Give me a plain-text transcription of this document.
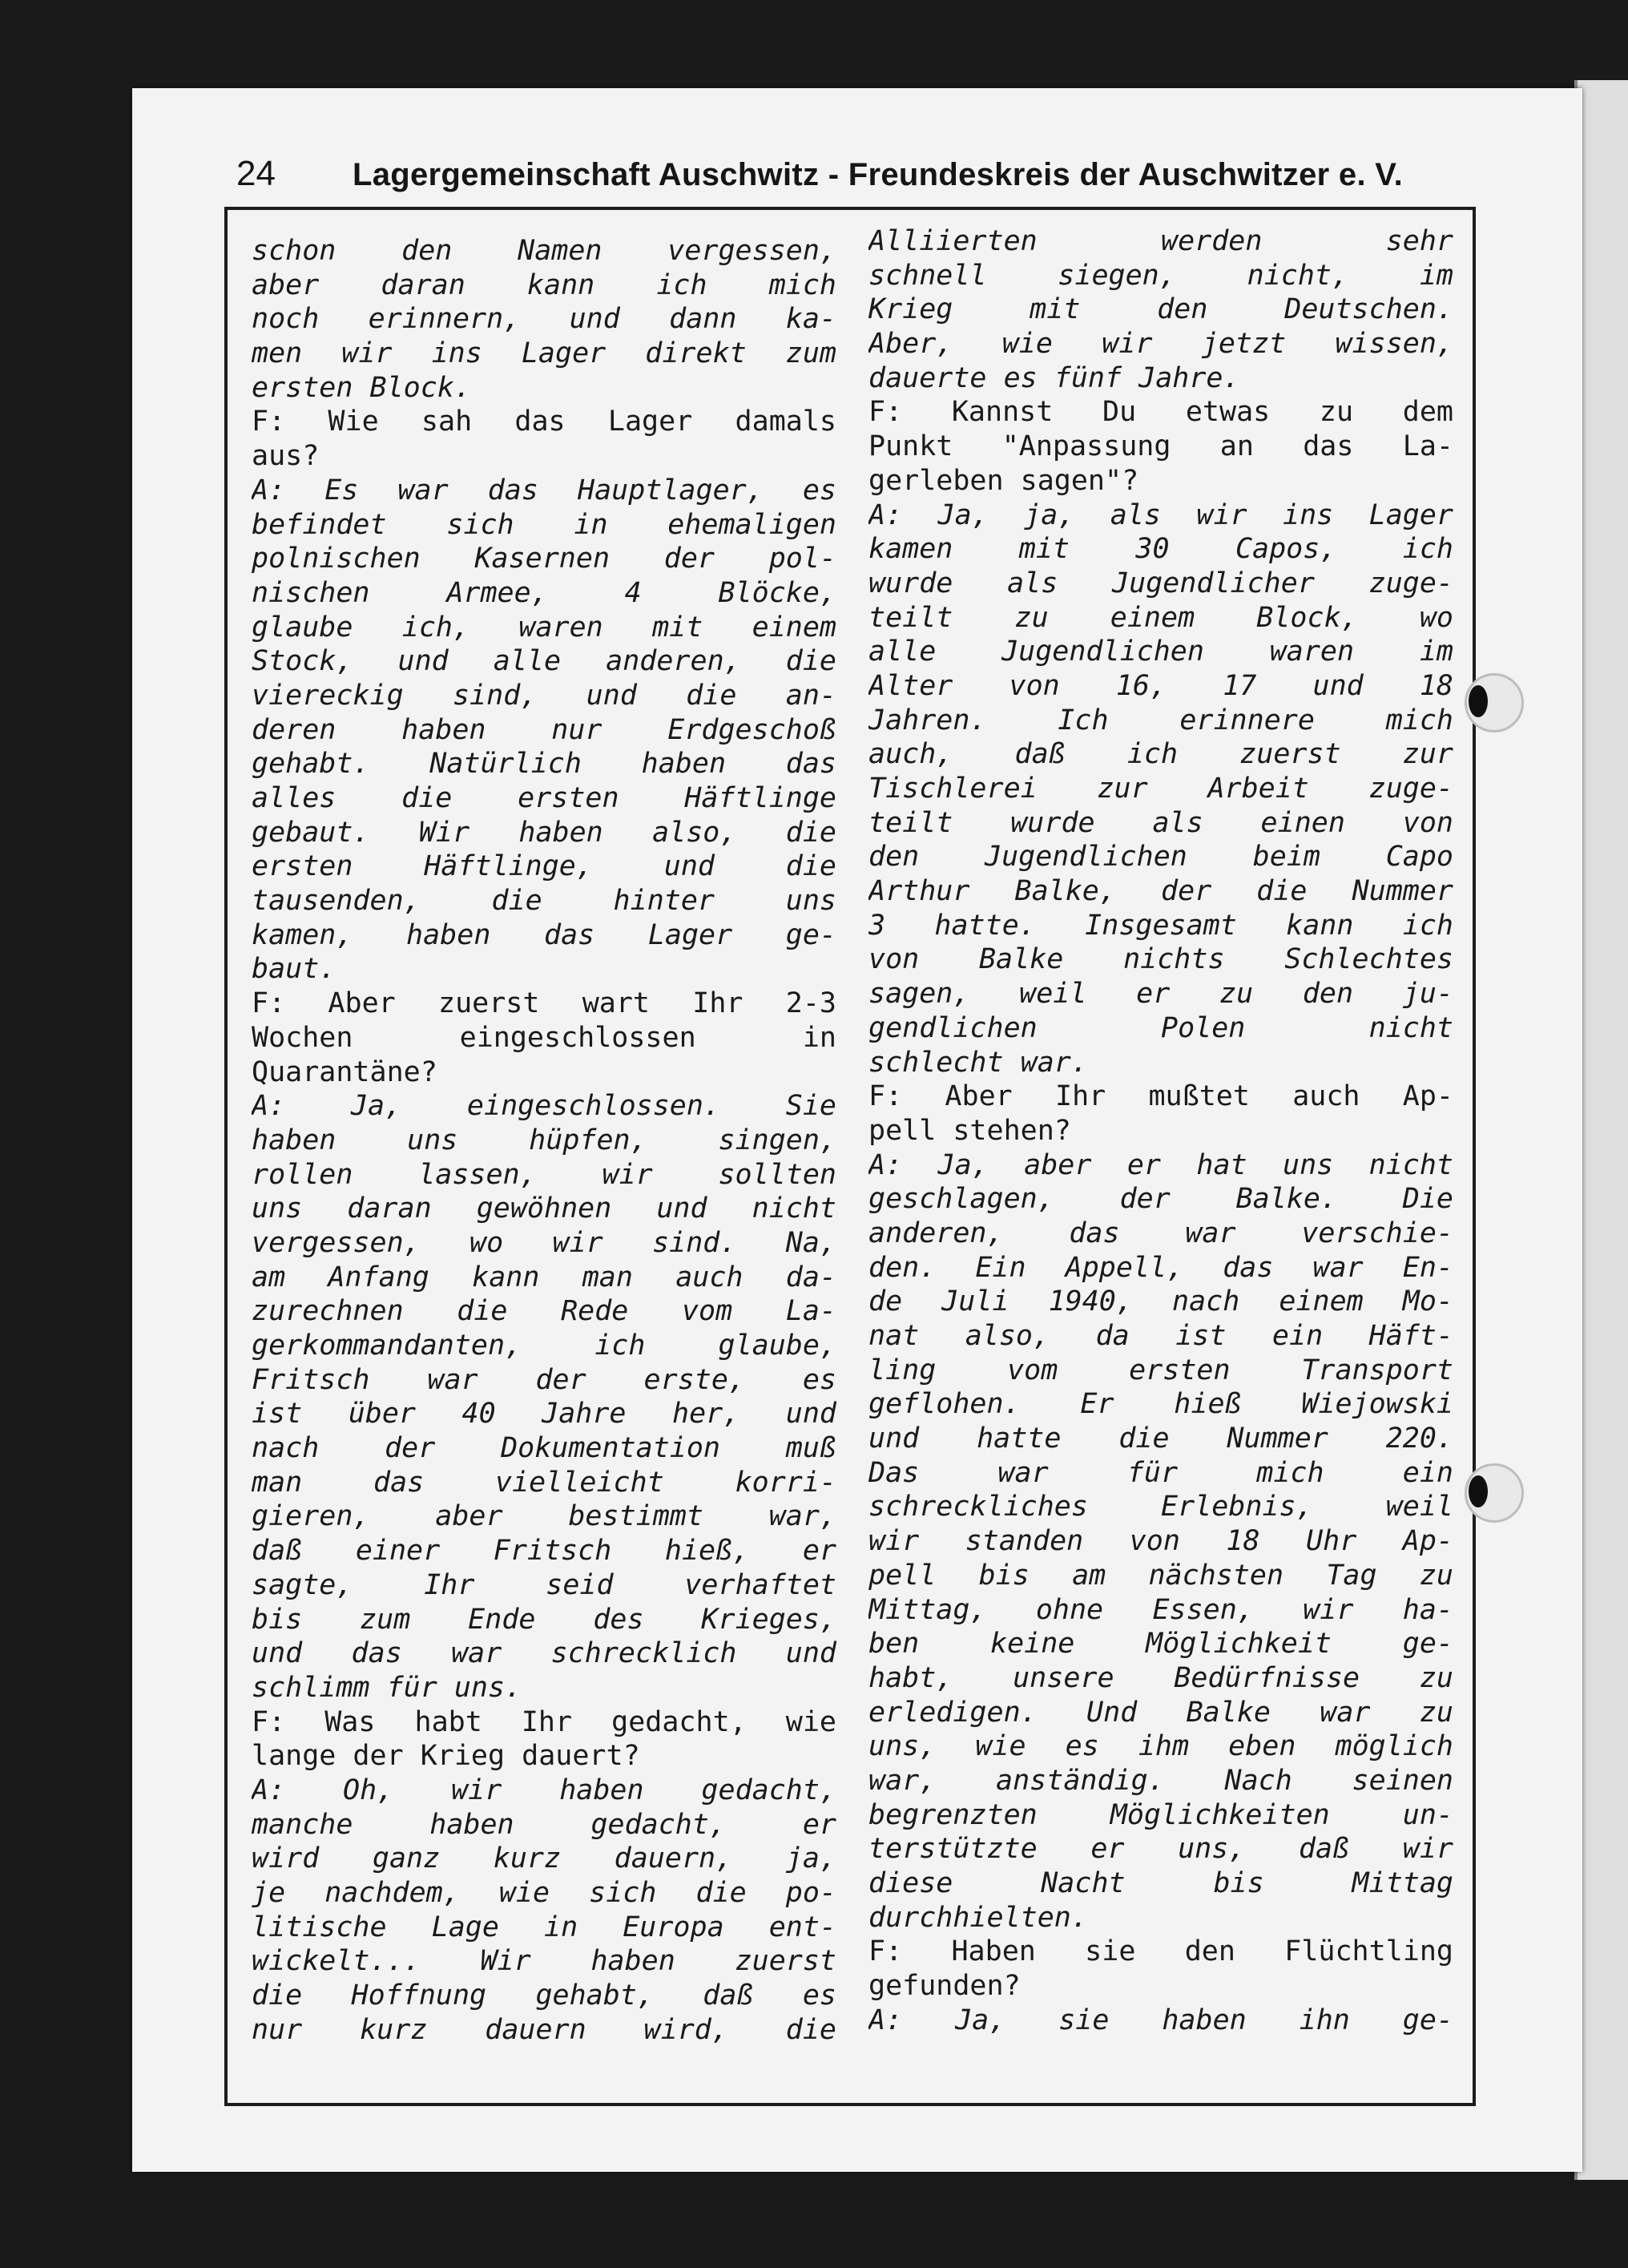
24 Lagergemeinschaft Auschwitz - Freundeskreis der Auschwitzer e. V.
schon den Namen vergessen,
aber daran kann ich mich
noch erinnern, und dann ka-
men wir ins Lager direkt zum
ersten Block.
F: Wie sah das Lager damals
aus?
A: Es war das Hauptlager, es
befindet sich in ehemaligen
polnischen Kasernen der pol-
nischen Armee, 4 Blöcke,
glaube ich, waren mit einem
Stock, und alle anderen, die
viereckig sind, und die an-
deren haben nur Erdgeschoß
gehabt. Natürlich haben das
alles die ersten Häftlinge
gebaut. Wir haben also, die
ersten Häftlinge, und die
tausenden, die hinter uns
kamen, haben das Lager ge-
baut.
F: Aber zuerst wart Ihr 2-3
Wochen eingeschlossen in
Quarantäne?
A: Ja, eingeschlossen. Sie
haben uns hüpfen, singen,
rollen lassen, wir sollten
uns daran gewöhnen und nicht
vergessen, wo wir sind. Na,
am Anfang kann man auch da-
zurechnen die Rede vom La-
gerkommandanten, ich glaube,
Fritsch war der erste, es
ist über 40 Jahre her, und
nach der Dokumentation muß
man das vielleicht korri-
gieren, aber bestimmt war,
daß einer Fritsch hieß, er
sagte, Ihr seid verhaftet
bis zum Ende des Krieges,
und das war schrecklich und
schlimm für uns.
F: Was habt Ihr gedacht, wie
lange der Krieg dauert?
A: Oh, wir haben gedacht,
manche haben gedacht, er
wird ganz kurz dauern, ja,
je nachdem, wie sich die po-
litische Lage in Europa ent-
wickelt... Wir haben zuerst
die Hoffnung gehabt, daß es
nur kurz dauern wird, die
Alliierten werden sehr
schnell siegen, nicht, im
Krieg mit den Deutschen.
Aber, wie wir jetzt wissen,
dauerte es fünf Jahre.
F: Kannst Du etwas zu dem
Punkt "Anpassung an das La-
gerleben sagen"?
A: Ja, ja, als wir ins Lager
kamen mit 30 Capos, ich
wurde als Jugendlicher zuge-
teilt zu einem Block, wo
alle Jugendlichen waren im
Alter von 16, 17 und 18
Jahren. Ich erinnere mich
auch, daß ich zuerst zur
Tischlerei zur Arbeit zuge-
teilt wurde als einen von
den Jugendlichen beim Capo
Arthur Balke, der die Nummer
3 hatte. Insgesamt kann ich
von Balke nichts Schlechtes
sagen, weil er zu den ju-
gendlichen Polen nicht
schlecht war.
F: Aber Ihr mußtet auch Ap-
pell stehen?
A: Ja, aber er hat uns nicht
geschlagen, der Balke. Die
anderen, das war verschie-
den. Ein Appell, das war En-
de Juli 1940, nach einem Mo-
nat also, da ist ein Häft-
ling vom ersten Transport
geflohen. Er hieß Wiejowski
und hatte die Nummer 220.
Das war für mich ein
schreckliches Erlebnis, weil
wir standen von 18 Uhr Ap-
pell bis am nächsten Tag zu
Mittag, ohne Essen, wir ha-
ben keine Möglichkeit ge-
habt, unsere Bedürfnisse zu
erledigen. Und Balke war zu
uns, wie es ihm eben möglich
war, anständig. Nach seinen
begrenzten Möglichkeiten un-
terstützte er uns, daß wir
diese Nacht bis Mittag
durchhielten.
F: Haben sie den Flüchtling
gefunden?
A: Ja, sie haben ihn ge-
